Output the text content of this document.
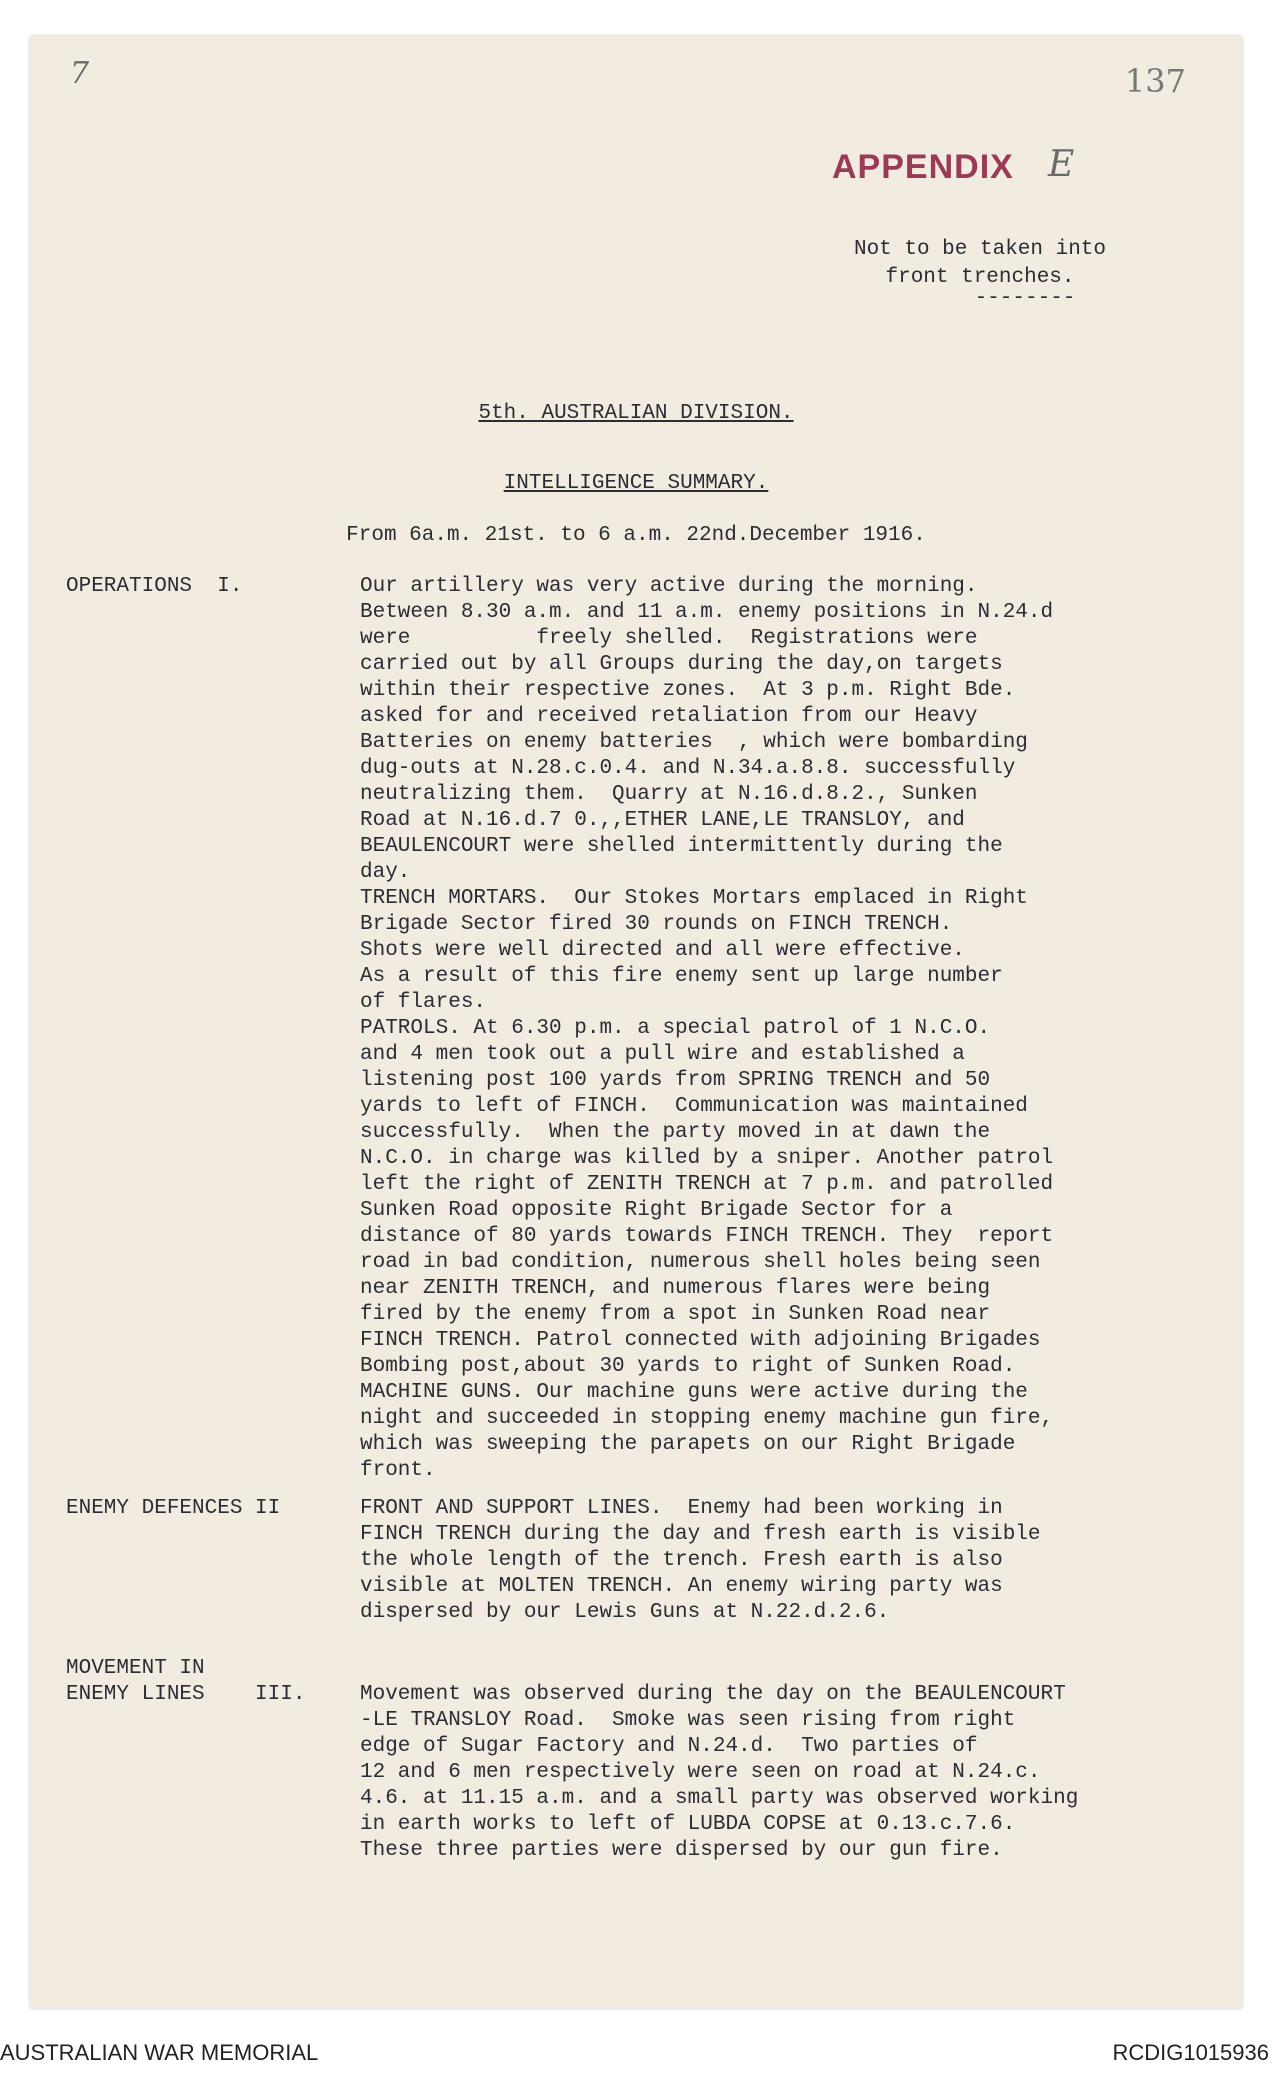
7	137
APPENDIX E
Not to be taken into
front trenches.
--------
5th. AUSTRALIAN DIVISION.
INTELLIGENCE SUMMARY.
From 6a.m. 21st. to 6 a.m. 22nd.December 1916.
OPERATIONS  I.	Our artillery was very active during the morning.
Between 8.30 a.m. and 11 a.m. enemy positions in N.24.d
were          freely shelled.  Registrations were
carried out by all Groups during the day,on targets
within their respective zones.  At 3 p.m. Right Bde.
asked for and received retaliation from our Heavy
Batteries on enemy batteries  , which were bombarding
dug-outs at N.28.c.0.4. and N.34.a.8.8. successfully
neutralizing them.  Quarry at N.16.d.8.2., Sunken
Road at N.16.d.7 0.,,ETHER LANE,LE TRANSLOY, and
BEAULENCOURT were shelled intermittently during the
day.
TRENCH MORTARS.  Our Stokes Mortars emplaced in Right
Brigade Sector fired 30 rounds on FINCH TRENCH.
Shots were well directed and all were effective.
As a result of this fire enemy sent up large number
of flares.
PATROLS. At 6.30 p.m. a special patrol of 1 N.C.O.
and 4 men took out a pull wire and established a
listening post 100 yards from SPRING TRENCH and 50
yards to left of FINCH.  Communication was maintained
successfully.  When the party moved in at dawn the
N.C.O. in charge was killed by a sniper. Another patrol
left the right of ZENITH TRENCH at 7 p.m. and patrolled
Sunken Road opposite Right Brigade Sector for a
distance of 80 yards towards FINCH TRENCH. They  report
road in bad condition, numerous shell holes being seen
near ZENITH TRENCH, and numerous flares were being
fired by the enemy from a spot in Sunken Road near
FINCH TRENCH. Patrol connected with adjoining Brigades
Bombing post,about 30 yards to right of Sunken Road.
MACHINE GUNS. Our machine guns were active during the
night and succeeded in stopping enemy machine gun fire,
which was sweeping the parapets on our Right Brigade
front.
ENEMY DEFENCES II	FRONT AND SUPPORT LINES.  Enemy had been working in
FINCH TRENCH during the day and fresh earth is visible
the whole length of the trench. Fresh earth is also
visible at MOLTEN TRENCH. An enemy wiring party was
dispersed by our Lewis Guns at N.22.d.2.6.
MOVEMENT IN
ENEMY LINES    III.	Movement was observed during the day on the BEAULENCOURT
-LE TRANSLOY Road.  Smoke was seen rising from right
edge of Sugar Factory and N.24.d.  Two parties of
12 and 6 men respectively were seen on road at N.24.c.
4.6. at 11.15 a.m. and a small party was observed working
in earth works to left of LUBDA COPSE at 0.13.c.7.6.
These three parties were dispersed by our gun fire.
AUSTRALIAN WAR MEMORIAL	RCDIG1015936
